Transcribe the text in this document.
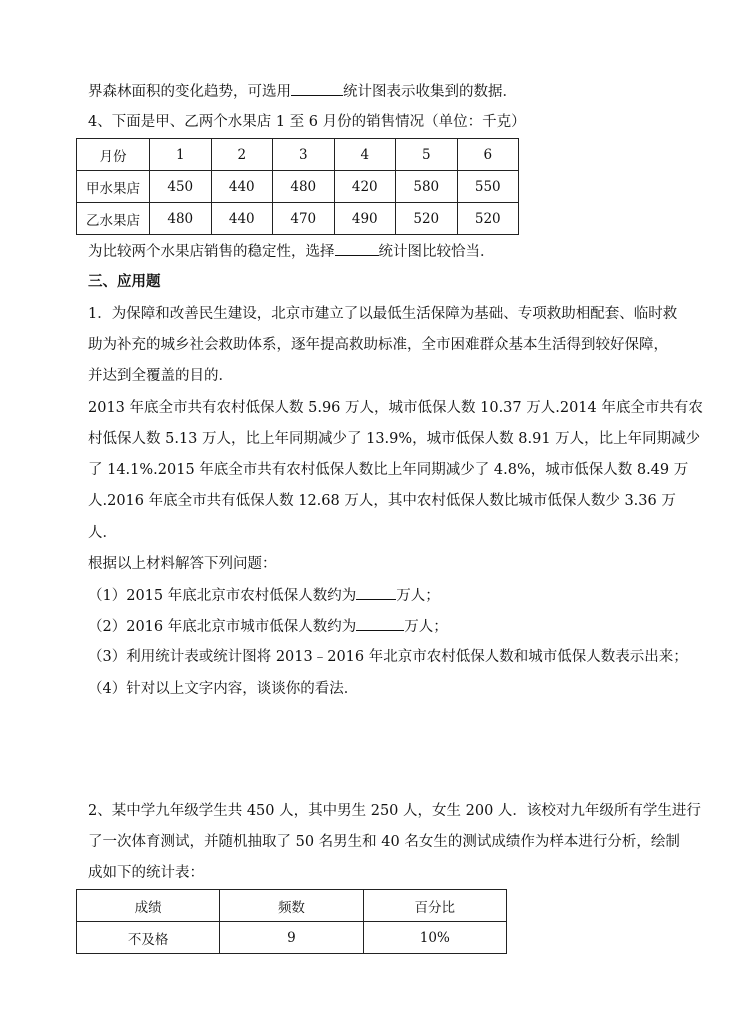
界森林面积的变化趋势，可选用	统计图表示收集到的数据．
4、下面是甲、乙两个水果店 1 至 6 月份的销售情况（单位：千克）
月份	1	2	3	4	5	6
甲水果店	450	440	480	420	580	550
乙水果店	480	440	470	490	520	520
为比较两个水果店销售的稳定性，选择	统计图比较恰当．
三、应用题
1．为保障和改善民生建设，北京市建立了以最低生活保障为基础、专项救助相配套、临时救
助为补充的城乡社会救助体系，逐年提高救助标准，全市困难群众基本生活得到较好保障，
并达到全覆盖的目的．
2013 年底全市共有农村低保人数 5.96 万人，城市低保人数 10.37 万人.2014 年底全市共有农
村低保人数 5.13 万人，比上年同期减少了 13.9%，城市低保人数 8.91 万人，比上年同期减少
了 14.1%.2015 年底全市共有农村低保人数比上年同期减少了 4.8%，城市低保人数 8.49 万
人.2016 年底全市共有低保人数 12.68 万人，其中农村低保人数比城市低保人数少 3.36 万
人．
根据以上材料解答下列问题：
（1）2015 年底北京市农村低保人数约为	万人；
（2）2016 年底北京市城市低保人数约为	万人；
（3）利用统计表或统计图将 2013﹣2016 年北京市农村低保人数和城市低保人数表示出来；
（4）针对以上文字内容，谈谈你的看法．
2、某中学九年级学生共 450 人，其中男生 250 人，女生 200 人．该校对九年级所有学生进行
了一次体育测试，并随机抽取了 50 名男生和 40 名女生的测试成绩作为样本进行分析，绘制
成如下的统计表：
成绩	频数	百分比
不及格	9	10%
